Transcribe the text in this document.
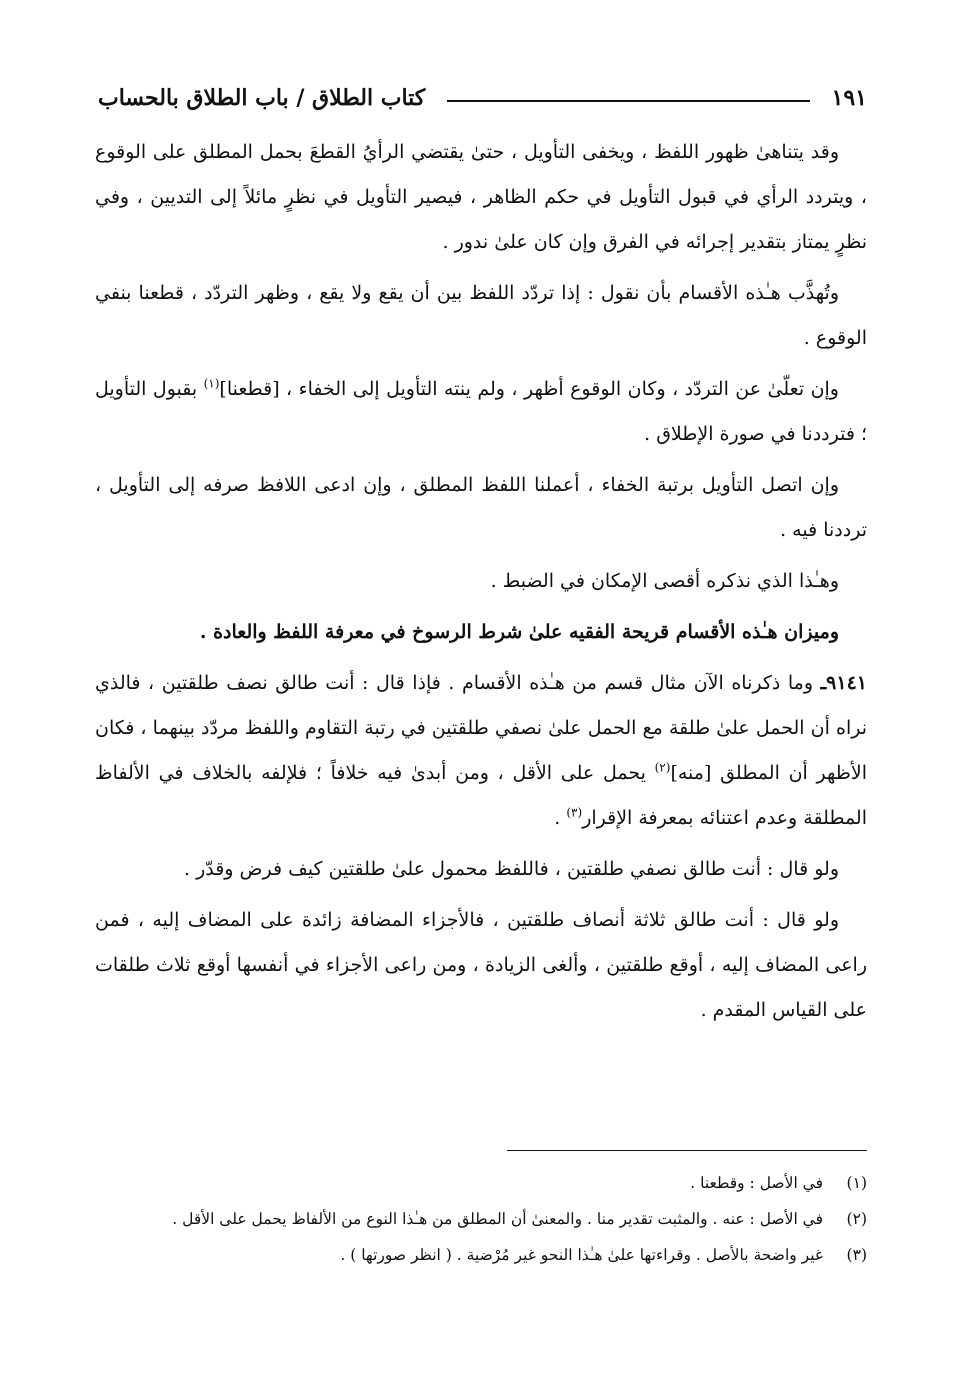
كتاب الطلاق / باب الطلاق بالحساب	١٩١

وقد يتناهىٰ ظهور اللفظ ، ويخفى التأويل ، حتىٰ يقتضي الرأيُ القطعَ بحمل المطلق على الوقوع ، ويتردد الرأي في قبول التأويل في حكم الظاهر ، فيصير التأويل في نظرٍ مائلاً إلى التديين ، وفي نظرٍ يمتاز بتقدير إجرائه في الفرق وإن كان علىٰ ندور .

وتُهذَّب هـٰذه الأقسام بأن نقول : إذا تردّد اللفظ بين أن يقع ولا يقع ، وظهر التردّد ، قطعنا بنفي الوقوع .

وإن تعلّىٰ عن التردّد ، وكان الوقوع أظهر ، ولم ينته التأويل إلى الخفاء ، [قطعنا]$^{(١)}$ بقبول التأويل ؛ فترددنا في صورة الإطلاق .

وإن اتصل التأويل برتبة الخفاء ، أعملنا اللفظ المطلق ، وإن ادعى اللافظ صرفه إلى التأويل ، ترددنا فيه .

وهـٰذا الذي نذكره أقصى الإمكان في الضبط .

وميزان هـٰذه الأقسام قريحة الفقيه علىٰ شرط الرسوخ في معرفة اللفظ والعادة .

٩١٤١ـ وما ذكرناه الآن مثال قسم من هـٰذه الأقسام . فإذا قال : أنت طالق نصف طلقتين ، فالذي نراه أن الحمل علىٰ طلقة مع الحمل علىٰ نصفي طلقتين في رتبة التقاوم واللفظ مردّد بينهما ، فكان الأظهر أن المطلق [منه]$^{(٢)}$ يحمل على الأقل ، ومن أبدىٰ فيه خلافاً ؛ فلإلفه بالخلاف في الألفاظ المطلقة وعدم اعتنائه بمعرفة الإقرار$^{(٣)}$ .

ولو قال : أنت طالق نصفي طلقتين ، فاللفظ محمول علىٰ طلقتين كيف فرض وقدّر .

ولو قال : أنت طالق ثلاثة أنصاف طلقتين ، فالأجزاء المضافة زائدة على المضاف إليه ، فمن راعى المضاف إليه ، أوقع طلقتين ، وألغى الزيادة ، ومن راعى الأجزاء في أنفسها أوقع ثلاث طلقات على القياس المقدم .

(١)
في الأصل : وقطعنا .
(٢)
في الأصل : عنه . والمثبت تقدير منا . والمعنىٰ أن المطلق من هـٰذا النوع من الألفاظ يحمل على الأقل .
(٣)
غير واضحة بالأصل . وقراءتها علىٰ هـٰذا النحو غير مُرْضية . ( انظر صورتها ) .
